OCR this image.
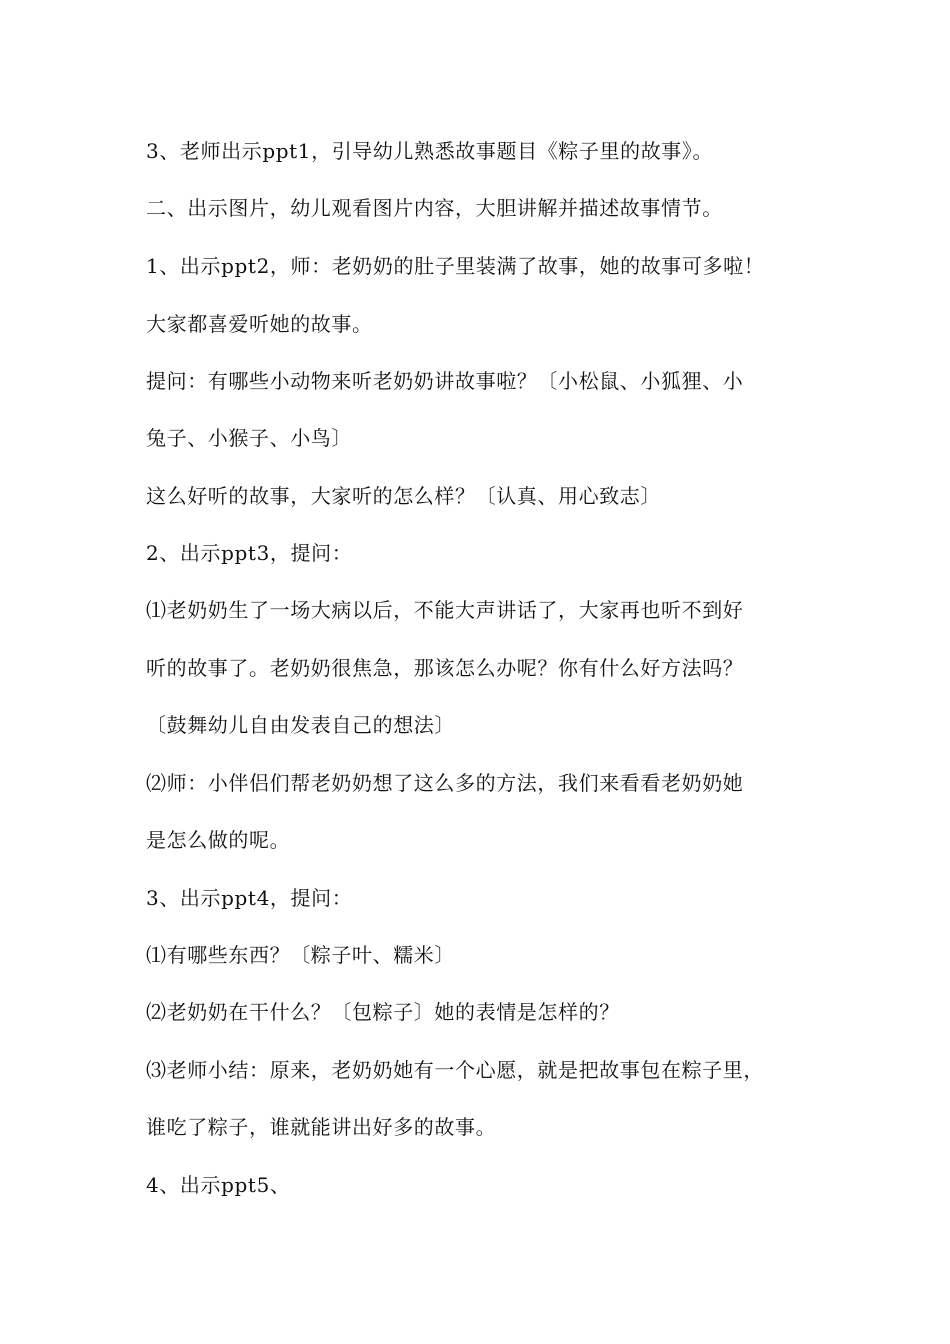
3、老师出示ppt1，引导幼儿熟悉故事题目《粽子里的故事》。
二、出示图片，幼儿观看图片内容，大胆讲解并描述故事情节。
1、出示ppt2，师：老奶奶的肚子里装满了故事，她的故事可多啦！
大家都喜爱听她的故事。
提问：有哪些小动物来听老奶奶讲故事啦？〔小松鼠、小狐狸、小
兔子、小猴子、小鸟〕
这么好听的故事，大家听的怎么样？〔认真、用心致志〕
2、出示ppt3，提问：
⑴老奶奶生了一场大病以后，不能大声讲话了，大家再也听不到好
听的故事了。老奶奶很焦急，那该怎么办呢？你有什么好方法吗？
〔鼓舞幼儿自由发表自己的想法〕
⑵师：小伴侣们帮老奶奶想了这么多的方法，我们来看看老奶奶她
是怎么做的呢。
3、出示ppt4，提问：
⑴有哪些东西？〔粽子叶、糯米〕
⑵老奶奶在干什么？〔包粽子〕她的表情是怎样的？
⑶老师小结：原来，老奶奶她有一个心愿，就是把故事包在粽子里，
谁吃了粽子，谁就能讲出好多的故事。
4、出示ppt5、
